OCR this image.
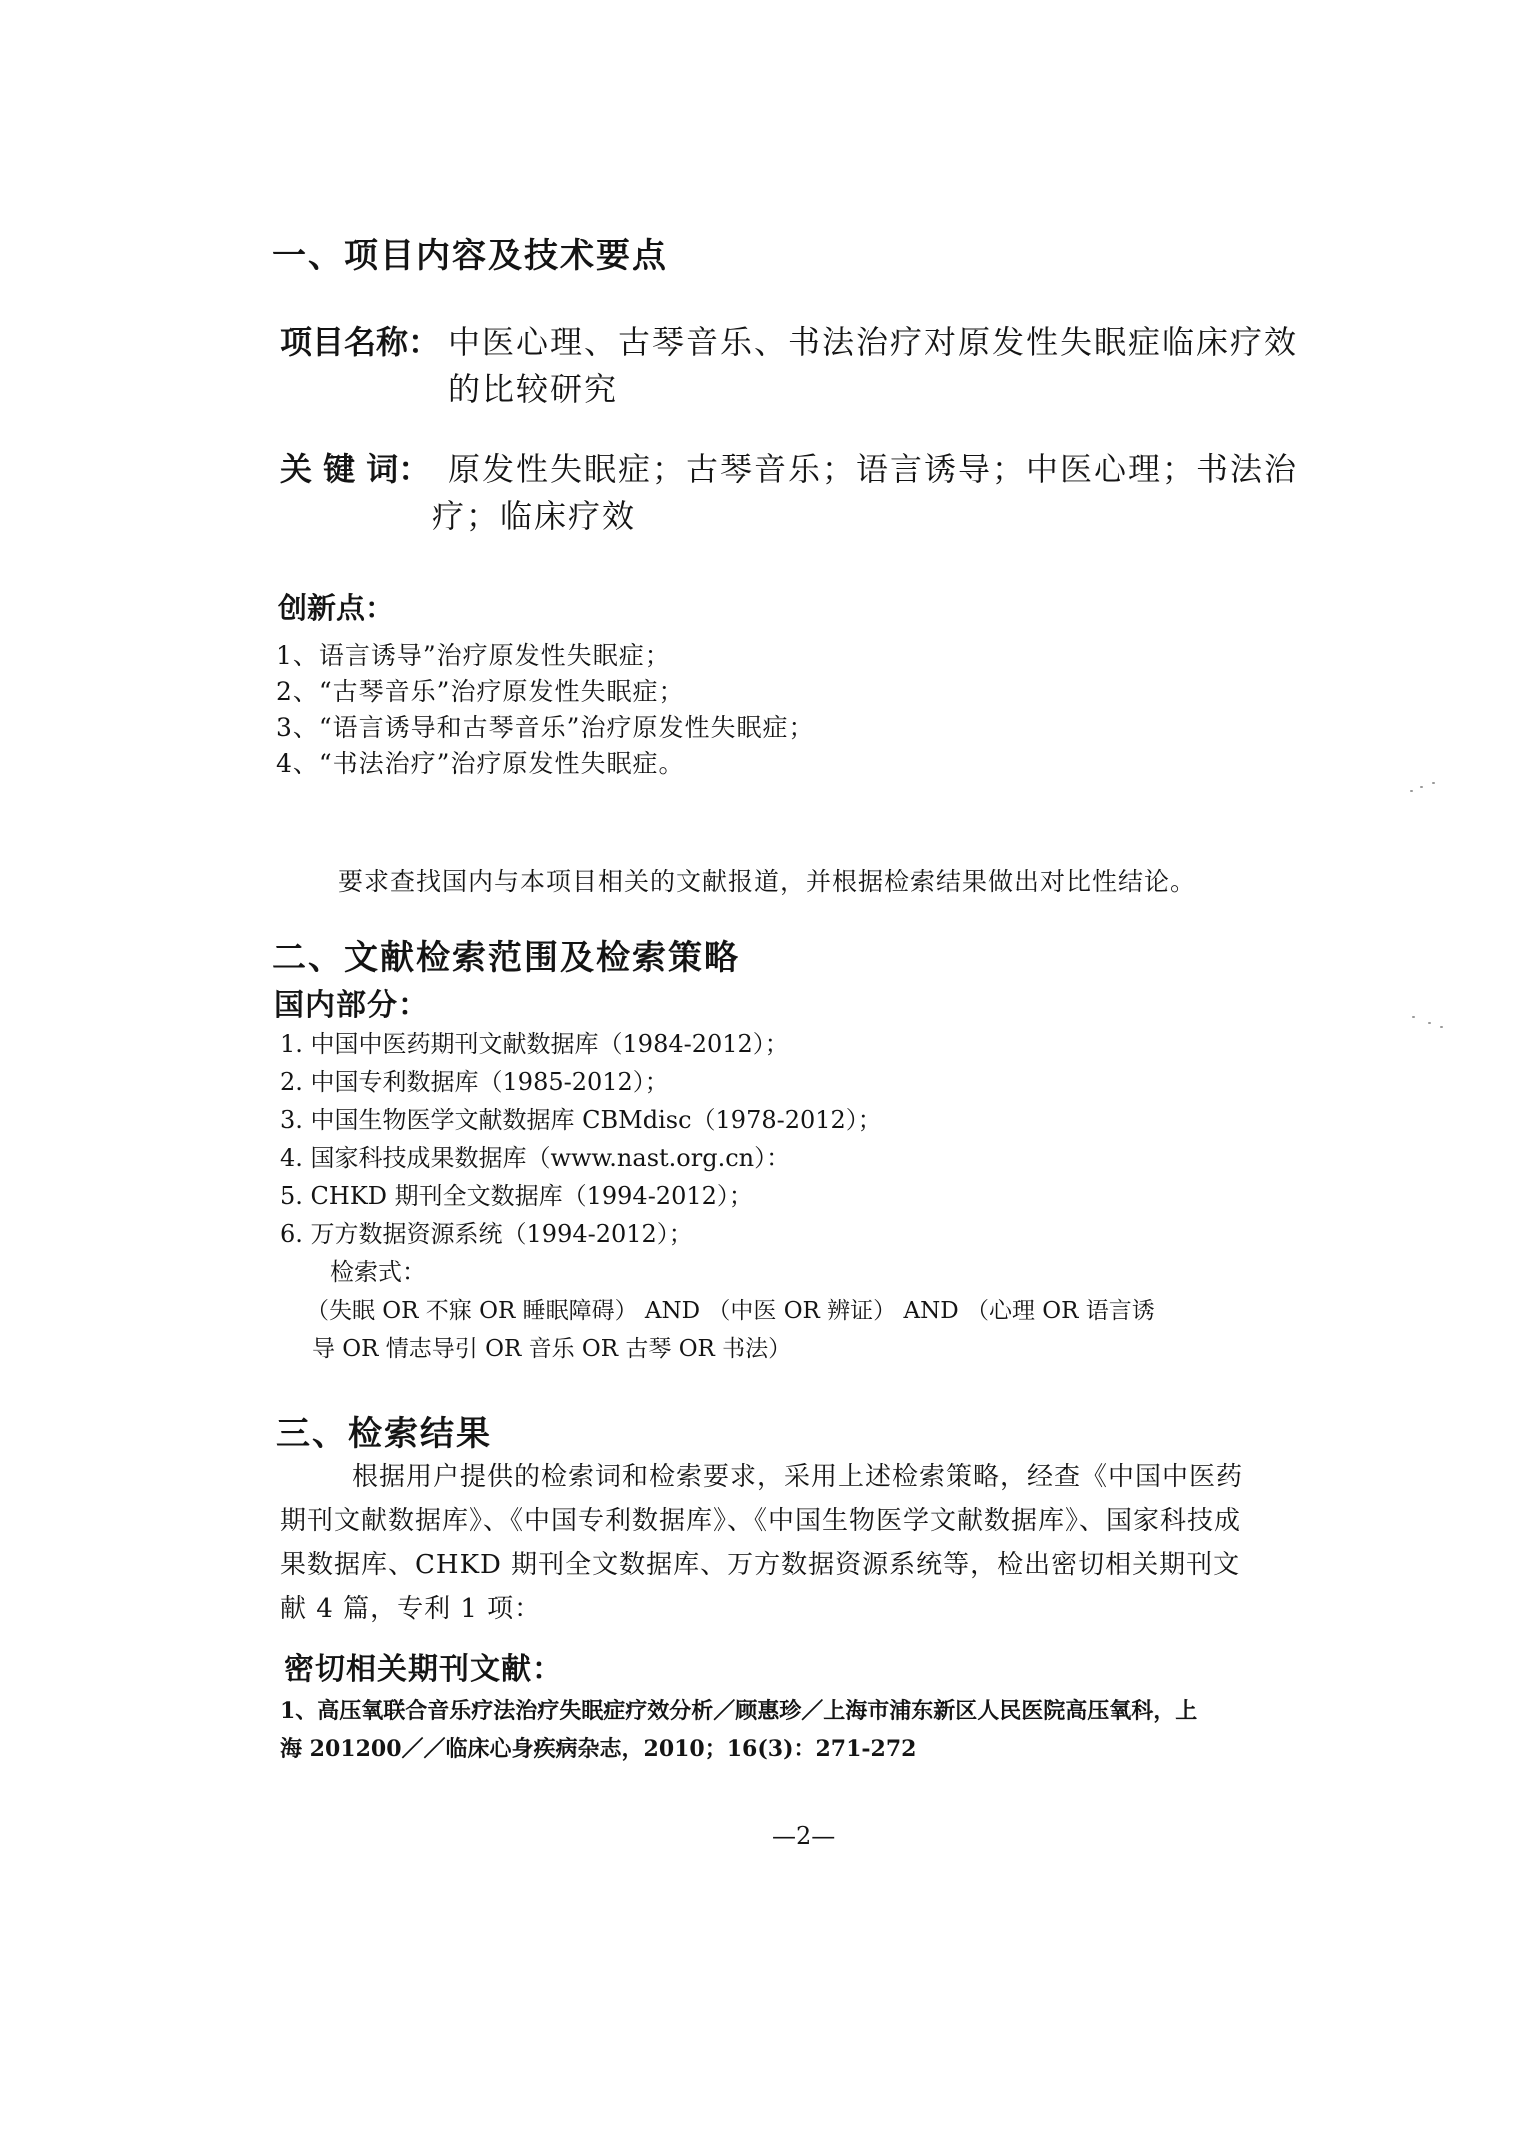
一、项目内容及技术要点
项目名称： 中医心理、古琴音乐、书法治疗对原发性失眠症临床疗效
的比较研究
关 键 词： 原发性失眠症；古琴音乐；语言诱导；中医心理；书法治
疗；临床疗效
创新点：
1、语言诱导”治疗原发性失眠症；
2、“古琴音乐”治疗原发性失眠症；
3、“语言诱导和古琴音乐”治疗原发性失眠症；
4、“书法治疗”治疗原发性失眠症。
要求查找国内与本项目相关的文献报道，并根据检索结果做出对比性结论。
二、文献检索范围及检索策略
国内部分：
1. 中国中医药期刊文献数据库（1984-2012）；
2. 中国专利数据库（1985-2012）；
3. 中国生物医学文献数据库 CBMdisc（1978-2012）；
4. 国家科技成果数据库（www.nast.org.cn）：
5. CHKD 期刊全文数据库（1994-2012）；
6. 万方数据资源系统（1994-2012）；
检索式：
（失眠 OR 不寐 OR 睡眠障碍） AND （中医 OR 辨证） AND （心理 OR 语言诱
导 OR 情志导引 OR 音乐 OR 古琴 OR 书法）
三、检索结果
根据用户提供的检索词和检索要求，采用上述检索策略，经查《中国中医药
期刊文献数据库》、《中国专利数据库》、《中国生物医学文献数据库》、国家科技成
果数据库、CHKD 期刊全文数据库、万方数据资源系统等，检出密切相关期刊文
献 4 篇，专利 1 项：
密切相关期刊文献：
1、高压氧联合音乐疗法治疗失眠症疗效分析／顾惠珍／上海市浦东新区人民医院高压氧科，上
海 201200／／临床心身疾病杂志，2010；16(3)：271-272
—2—
